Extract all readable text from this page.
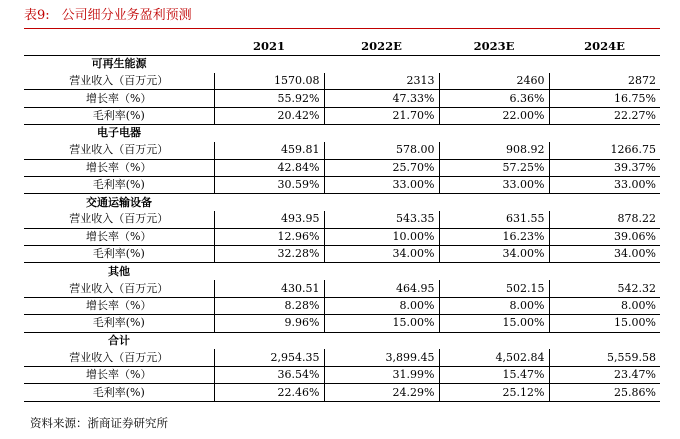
表9: 公司细分业务盈利预测
	2021	2022E	2023E	2024E
可再生能源				
营业收入（百万元）	1570.08	2313	2460	2872
增长率（%）	55.92%	47.33%	6.36%	16.75%
毛利率(%)	20.42%	21.70%	22.00%	22.27%
电子电器				
营业收入（百万元）	459.81	578.00	908.92	1266.75
增长率（%）	42.84%	25.70%	57.25%	39.37%
毛利率(%)	30.59%	33.00%	33.00%	33.00%
交通运输设备				
营业收入（百万元）	493.95	543.35	631.55	878.22
增长率（%）	12.96%	10.00%	16.23%	39.06%
毛利率(%)	32.28%	34.00%	34.00%	34.00%
其他				
营业收入（百万元）	430.51	464.95	502.15	542.32
增长率（%）	8.28%	8.00%	8.00%	8.00%
毛利率(%)	9.96%	15.00%	15.00%	15.00%
合计				
营业收入（百万元）	2,954.35	3,899.45	4,502.84	5,559.58
增长率（%）	36.54%	31.99%	15.47%	23.47%
毛利率(%)	22.46%	24.29%	25.12%	25.86%
资料来源：浙商证券研究所
